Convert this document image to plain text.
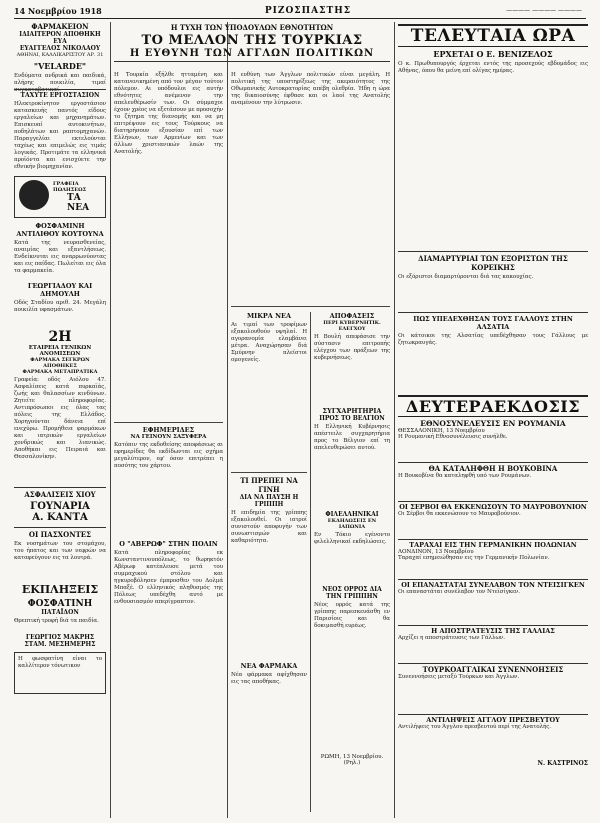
14 Νοεμβρίου 1918	ΡΙΖΟΣΠΑΣΤΗΣ	———— ———— ————
ΦΑΡΜΑΚΕΙΟΝ
ΙΔΙΑΙΤΕΡΟΝ ΑΠΟΘΗΚΗ ΕΥΑ
ΕΥΑΓΓΕΛΟΣ ΝΙΚΟΛΑΟΥ
ΑΘΗΝΑΙ, ΚΑΛΛΙΚΑΡΙΣΤΟΥ ΑΡ. 31
"VELARDE"
Ενδύματα ανδρικά και παιδικά, πλήρης ποικιλία, τιμαί συγκαταβατικαί.
ΤΑΧΥΤΕ ΕΡΓΟΣΤΑΣΙΟΝ
Ηλεκτροκίνητον εργοστάσιον κατασκευής παντός είδους εργαλείων και μηχανημάτων. Επισκευαί αυτοκινήτων, ποδηλάτων και ραπτομηχανών. Παραγγελίαι εκτελούνται ταχέως και επιμελώς εις τιμάς λογικάς. Προτιμάτε τα ελληνικά προϊόντα και ενισχύετε την εθνικήν βιομηχανίαν.
ΓΡΑΦΕΙΑ ΠΩΛΗΣΕΩΣ
ΤΑ ΝΕΑ
ΦΟΣΦΑΜΙΝΗ ΑΝΤΙΛΙΘΟΥ ΚΟΥΤΟΥΝΑ
Κατά της νευρασθενείας, αναιμίας και εξαντλήσεως. Ενδείκνυται εις αναρρωνύοντας και εις παίδας. Πωλείται εις όλα τα φαρμακεία.
ΓΕΩΡΓΙΑΔΟΥ ΚΑΙ ΔΗΜΟΥΛΗ
Οδός Σταδίου αριθ. 24. Μεγάλη ποικιλία υφασμάτων.
2Η
ΕΤΑΙΡΕΙΑ ΓΕΝΙΚΩΝ ΑΝΟΜΙΣΕΩΝ
ΦΑΡΜΑΚΑ ΣΕΓΚΡΩΝ ΑΠΟΘΗΚΕΣ
ΦΑΡΜΑΚΑ ΜΕΤΑΠΡΑΤΙΚΑ
Γραφεία: οδός Αιόλου 47. Ασφαλίσεις κατά πυρκαϊάς, ζωής και θαλασσίων κινδύνων. Ζητείτε πληροφορίας. Αντιπρόσωποι εις όλας τας πόλεις της Ελλάδος. Χορηγούνται δάνεια επί ενεχύρω. Προμήθεια φαρμάκων και ιατρικών εργαλείων χονδρικώς και λιανικώς. Αποθήκαι εις Πειραιά και Θεσσαλονίκην.
ΑΣΦΑΛΙΣΕΙΣ ΧΙΟΥ
ΓΟΥΝΑΡΙΑ
Α. ΚΑΝΤΑ
ΟΙ ΠΑΣΧΟΝΤΕΣ
Εκ νοσημάτων του στομάχου, του ήπατος και των νεφρών να καταφεύγουν εις τα λουτρά.
ΕΚΠΛΗΞΕΙΣ
ΦΟΣΦΑΤΙΝΗ
ΠΑΤΑΪΔΟΝ
Θρεπτική τροφή διά τα παιδία.
ΓΕΩΡΓΙΟΣ ΜΑΚΡΗΣ
ΣΤΑΜ. ΜΕΣΗΜΕΡΗΣ
Η φωσφατίνη είναι το καλλίτερον τόνωτικον
Η ΤΥΧΗ ΤΩΝ ΥΠΟΔΟΥΛΩΝ ΕΘΝΟΤΗΤΩΝ
ΤΟ ΜΕΛΛΟΝ ΤΗΣ ΤΟΥΡΚΙΑΣ
Η ΕΥΘΥΝΗ ΤΩΝ ΑΓΓΛΩΝ ΠΟΛΙΤΙΚΩΝ
Η Τουρκία εξήλθε ητταμένη και κατανενικημένη από τον μέγαν τούτον πόλεμον. Αι υπόδουλοι εις αυτήν εθνότητες ανέμενον την απελευθέρωσίν των. Οι σύμμαχοι έχουν χρέος να εξετάσουν με προσοχήν το ζήτημα της διανομής και να μη επιτρέψουν εις τους Τούρκους να διατηρήσουν εξουσίαν επί των Ελλήνων, των Αρμενίων και των άλλων χριστιανικών λαών της Ανατολής.
ΕΦΗΜΕΡΙΔΕΣ
ΝΑ ΓΕΙΝΟΥΝ ΣΑΞΥΦΕΡΑ
Κατόπιν της εκδοθείσης αποφάσεως αι εφημερίδες θα εκδίδωνται εις σχήμα μεγαλύτερον, εφ' όσον επιτρέπει η ποσότης του χάρτου.
Ο "ΑΒΕΡΩΦ" ΣΤΗΝ ΠΟΛΙΝ
Κατά πληροφορίας εκ Κωνσταντινουπόλεως, το θωρηκτόν Αβέρωφ κατέπλευσε μετά του συμμαχικού στόλου και ηγκυροβόλησεν έμπροσθεν του Δολμά Μπαξέ. Ο ελληνικός πληθυσμός της Πόλεως υπεδέχθη αυτό με ενθουσιασμόν απερίγραπτον.
Η ευθύνη των Άγγλων πολιτικών είναι μεγάλη. Η πολιτική της υποστηρίξεως της ακεραιότητος της Οθωμανικής Αυτοκρατορίας απέβη ολεθρία. Ήδη η ώρα της δικαιοσύνης έφθασε και οι λαοί της Ανατολής αναμένουν την λύτρωσιν.
ΜΙΚΡΑ ΝΕΑ
Αι τιμαί των τροφίμων εξακολουθούν υψηλαί. Η αγορανομία ελαμβάνει μέτρα. Αναχώρησαν διά Σμύρνην πλείστοι ομογενείς.
ΤΙ ΠΡΕΠΕΙ ΝΑ ΓΙΝΗ
ΔΙΑ ΝΑ ΠΑΥΣΗ Η ΓΡΙΠΠΗ
Η επιδημία της γρίππης εξακολουθεί. Οι ιατροί συνιστούν αποφυγήν των συνωστισμών και καθαριότητα.
ΝΕΑ ΦΑΡΜΑΚΑ
Νέα φάρμακα αφίχθησαν εις τας αποθήκας.
ΑΠΟΦΑΣΕΙΣ
ΠΕΡΙ ΚΥΒΕΡΝΗΤΙΚ. ΕΛΕΓΧΟΥ
Η Βουλή απεφάσισε την σύστασιν επιτροπής ελέγχου των πράξεων της κυβερνήσεως.
ΣΥΓΧΑΡΗΤΗΡΙΑ
ΠΡΟΣ ΤΟ ΒΕΛΓΙΟΝ
Η Ελληνική Κυβέρνησις απέστειλε συγχαρητήρια προς το Βέλγιον επί τη απελευθερώσει αυτού.
ΦΙΛΕΛΛΗΝΙΚΑΙ
ΕΚΔΗΛΩΣΕΙΣ ΕΝ ΙΑΠΩΝΙΑ
Εν Τόκιο εγένοντο φιλελληνικαί εκδηλώσεις.
ΝΕΟΣ ΟΡΡΟΣ ΔΙΑ ΤΗΝ ΓΡΙΠΠΗΝ
Νέος ορρός κατά της γρίππης παρεσκευάσθη εν Παρισίοις και θα δοκιμασθή ευρέως.
ΡΩΜΗ, 13 Νοεμβρίου. (Ρηλ.)
ΤΕΛΕΥΤΑΙΑ ΩΡΑ
ΕΡΧΕΤΑΙ Ο Ε. ΒΕΝΙΖΕΛΟΣ
Ο κ. Πρωθυπουργός έρχεται εντός της προσεχούς εβδομάδος εις Αθήνας, όπου θα μείνη επί ολίγας ημέρας.
ΔΙΑΜΑΡΤΥΡΙΑΙ ΤΩΝ ΕΞΟΡΙΣΤΩΝ ΤΗΣ ΚΟΡΕΙΚΗΣ
Οι εξόριστοι διαμαρτύρονται διά τας κακουχίας.
ΠΩΣ ΥΠΕΔΕΧΘΗΣΑΝ ΤΟΥΣ ΓΑΛΛΟΥΣ ΣΤΗΝ ΑΛΣΑΤΙΑ
Οι κάτοικοι της Αλσατίας υπεδέχθησαν τους Γάλλους με ζητωκραυγάς.
ΔΕΥΤΕΡΑΕΚΔΟΣΙΣ
ΕΘΝΟΣΥΝΕΛΕΥΣΙΣ ΕΝ ΡΟΥΜΑΝΙΑ
ΘΕΣΣΑΛΟΝΙΚΗ, 13 Νοεμβρίου
Η Ρουμανική Εθνοσυνέλευσις συνήλθε.
ΘΑ ΚΑΤΑΛΗΦΘΗ Η ΒΟΥΚΟΒΙΝΑ
Η Βουκοβίνα θα καταληφθή υπό των Ρουμάνων.
ΟΙ ΣΕΡΒΟΙ ΘΑ ΕΚΚΕΝΩΣΟΥΝ ΤΟ ΜΑΥΡΟΒΟΥΝΙΟΝ
Οι Σέρβοι θα εκκενώσουν το Μαυροβούνιον.
ΤΑΡΑΧΑΙ ΕΙΣ ΤΗΝ ΓΕΡΜΑΝΙΚΗΝ ΠΟΛΩΝΙΑΝ
ΛΟΝΔΙΝΟΝ, 13 Νοεμβρίου
Ταραχαί εσημειώθησαν εις την Γερμανικήν Πολωνίαν.
ΟΙ ΕΠΑΝΑΣΤΑΤΑΙ ΣΥΝΕΛΑΒΟΝ ΤΟΝ ΝΤΕΙΣΙΓΚΕΝ
Οι επαναστάται συνέλαβον τον Ντεϊσίγκεν.
Η ΑΠΟΣΤΡΑΤΕΥΣΙΣ ΤΗΣ ΓΑΛΛΙΑΣ
Αρχίζει η αποστράτευσις των Γάλλων.
ΤΟΥΡΚΟΑΓΓΛΙΚΑΙ ΣΥΝΕΝΝΟΗΣΕΙΣ
Συνεννοήσεις μεταξύ Τούρκων και Άγγλων.
ΑΝΤΙΛΗΨΕΙΣ ΑΓΓΛΟΥ ΠΡΕΣΒΕΥΤΟΥ
Αντιλήψεις του Άγγλου πρεσβευτού περί της Ανατολής.
Ν. ΚΑΣΤΡΙΝΟΣ
